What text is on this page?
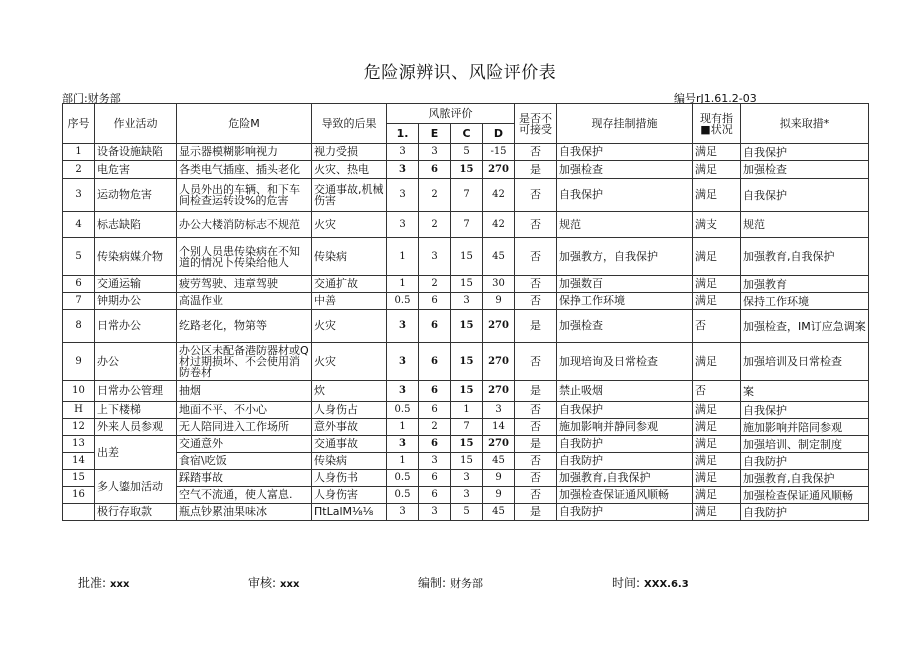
危险源辨识、风险评价表
部门:财务部	编号rJ1.61.2-03
序号	作业活动	危险M	导致的后果	风脓评价				是否不可接受	现存挂制措施	现有指■状况	拟来取措*
				1.	E	C	D				
1	设备设施缺陷	显示器模糊影响视力	视力受损	3	3	5	-15	否	自我保护	满足	自我保护
2	电危害	各类电气插座、插头老化	火灾、热电	3	6	15	270	是	加强检查	满足	加强检查
3	运动物危害	人员外出的车辆、和下车间检查运转设%的危害	交通事故,机械伤害	3	2	7	42	否	自我保护	满足	自我保护
4	标志缺陷	办公大楼消防标志不规范	火灾	3	2	7	42	否	规范	满支	规范
5	传染病媒介物	个别人员患传染病在不知道的情况卜传染给他人	传染病	1	3	15	45	否	加强教方，自我保护	满足	加强教育,自我保护
6	交通运输	疲劳驾驶、违章驾驶	交通扩故	1	2	15	30	否	加强数百	满足	加强教育
7	钟期办公	高温作业	中善	0.5	6	3	9	否	保挣工作环境	满足	保持工作环境
8	日常办公	纥路老化，物第等	火灾	3	6	15	270	是	加强检查	否	加强检查，IM订应急调案
9	办公	办公区未配备港防器材或Q材过期损坏、不会使用消防卷材	火灾	3	6	15	270	否	加现培询及日常检查	满足	加强培训及日常检查
10	日常办公管理	抽烟	炊	3	6	15	270	是	禁止吸烟	否	案
H	上下楼梯	地面不平、不小心	人身伤占	0.5	6	1	3	否	自我保护	满足	自我保护
12	外来人员参观	无人陪同进入工作场所	意外事故	1	2	7	14	否	施加影响并静同参观	满足	施加影响并陪同参观
13	出差	交通意外	交通事故	3	6	15	270	是	自我防护	满足	加强培训、制定制度
14		食宿\吃饭	传染病	1	3	15	45	否	自我防护	满足	自我防护
15	多人鎏加活动	踩踏事故	人身伤书	0.5	6	3	9	否	加强教育,自我保护	满足	加强教育,自我保护
16		空气不流通，使人富息.	人身伤害	0.5	6	3	9	否	加强检查保证通风顺畅	满足	加强检查保证通风顺畅
	极行存取款	瓶点钞累油果味冰	ΠtLalM⅛⅛	3	3	5	45	是	自我防护	满足	自我防护
批准: xxx	审核: xxx	编制: 财务部	时间: XXX.6.3
